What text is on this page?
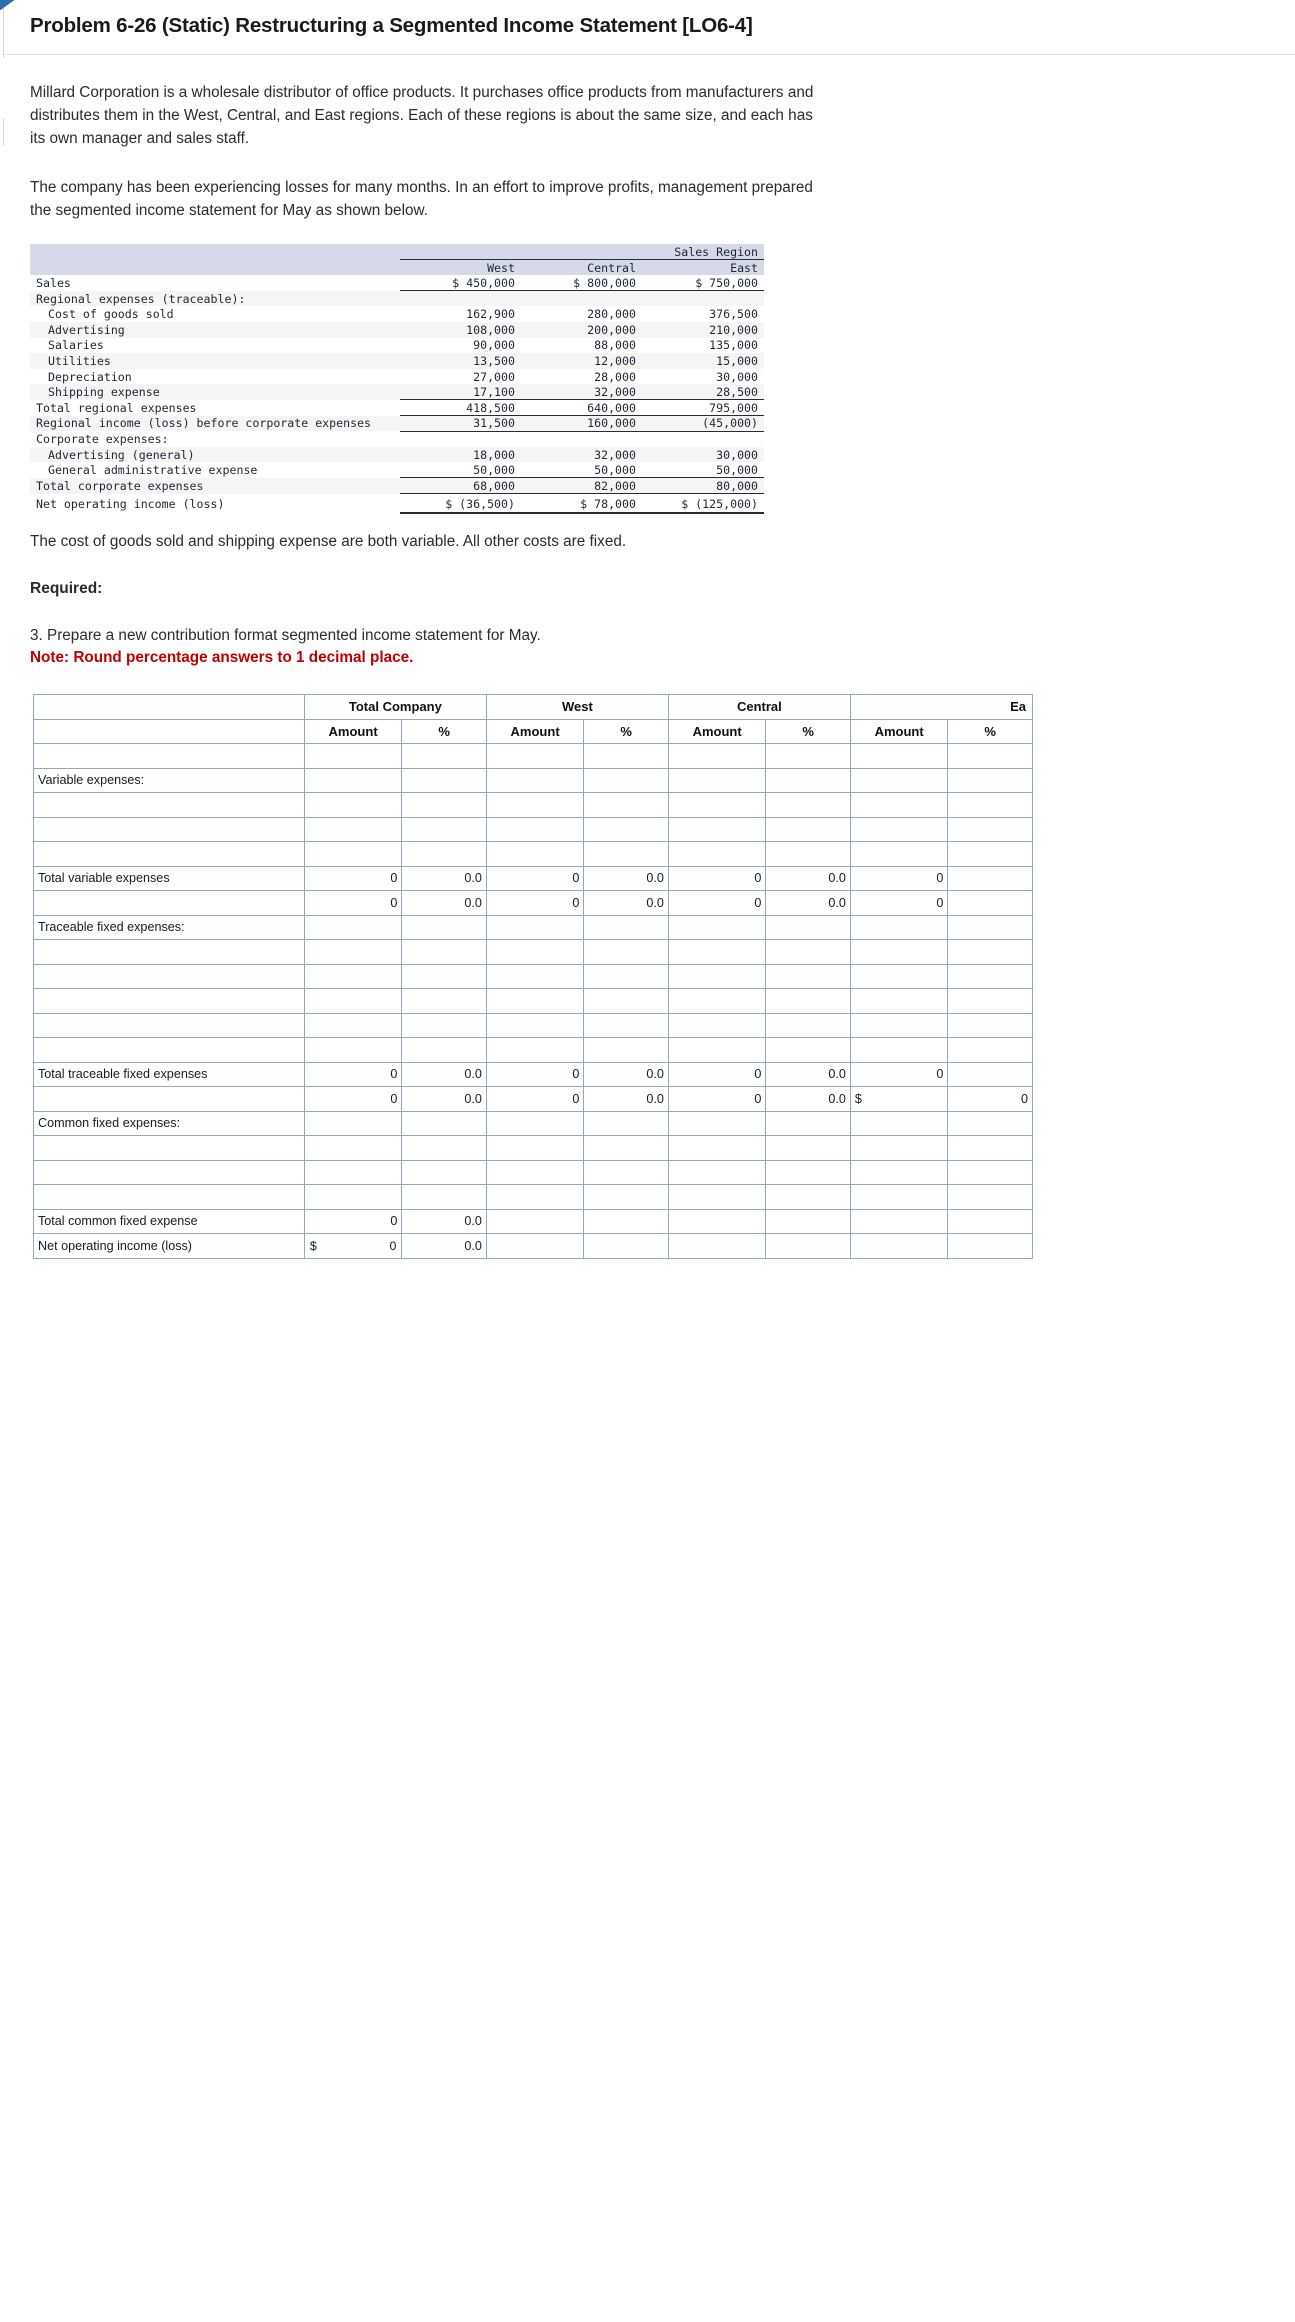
Problem 6-26 (Static) Restructuring a Segmented Income Statement [LO6-4]

Millard Corporation is a wholesale distributor of office products. It purchases office products from manufacturers and distributes them in the West, Central, and East regions. Each of these regions is about the same size, and each has its own manager and sales staff.

The company has been experiencing losses for many months. In an effort to improve profits, management prepared the segmented income statement for May as shown below.

	Sales Region		
	West	Central	East
Sales	$ 450,000	$ 800,000	$ 750,000
Regional expenses (traceable):			
Cost of goods sold	162,900	280,000	376,500
Advertising	108,000	200,000	210,000
Salaries	90,000	88,000	135,000
Utilities	13,500	12,000	15,000
Depreciation	27,000	28,000	30,000
Shipping expense	17,100	32,000	28,500
Total regional expenses	418,500	640,000	795,000
Regional income (loss) before corporate expenses	31,500	160,000	(45,000)
Corporate expenses:			
Advertising (general)	18,000	32,000	30,000
General administrative expense	50,000	50,000	50,000
Total corporate expenses	68,000	82,000	80,000
Net operating income (loss)	$ (36,500)	$ 78,000	$ (125,000)

The cost of goods sold and shipping expense are both variable. All other costs are fixed.

Required:

3. Prepare a new contribution format segmented income statement for May.

Note: Round percentage answers to 1 decimal place.
	Total Company		West		Central		Ea	
	Amount	%	Amount	%	Amount	%	Amount	%

Variable expenses:								

Total variable expenses	0	0.0	0	0.0	0	0.0	0	
	0	0.0	0	0.0	0	0.0	0	
Traceable fixed expenses:								

Total traceable fixed expenses	0	0.0	0	0.0	0	0.0	0	
	0	0.0	0	0.0	0	0.0	$	0
Common fixed expenses:								

Total common fixed expense	0	0.0						
Net operating income (loss)	$ 0	0.0						
